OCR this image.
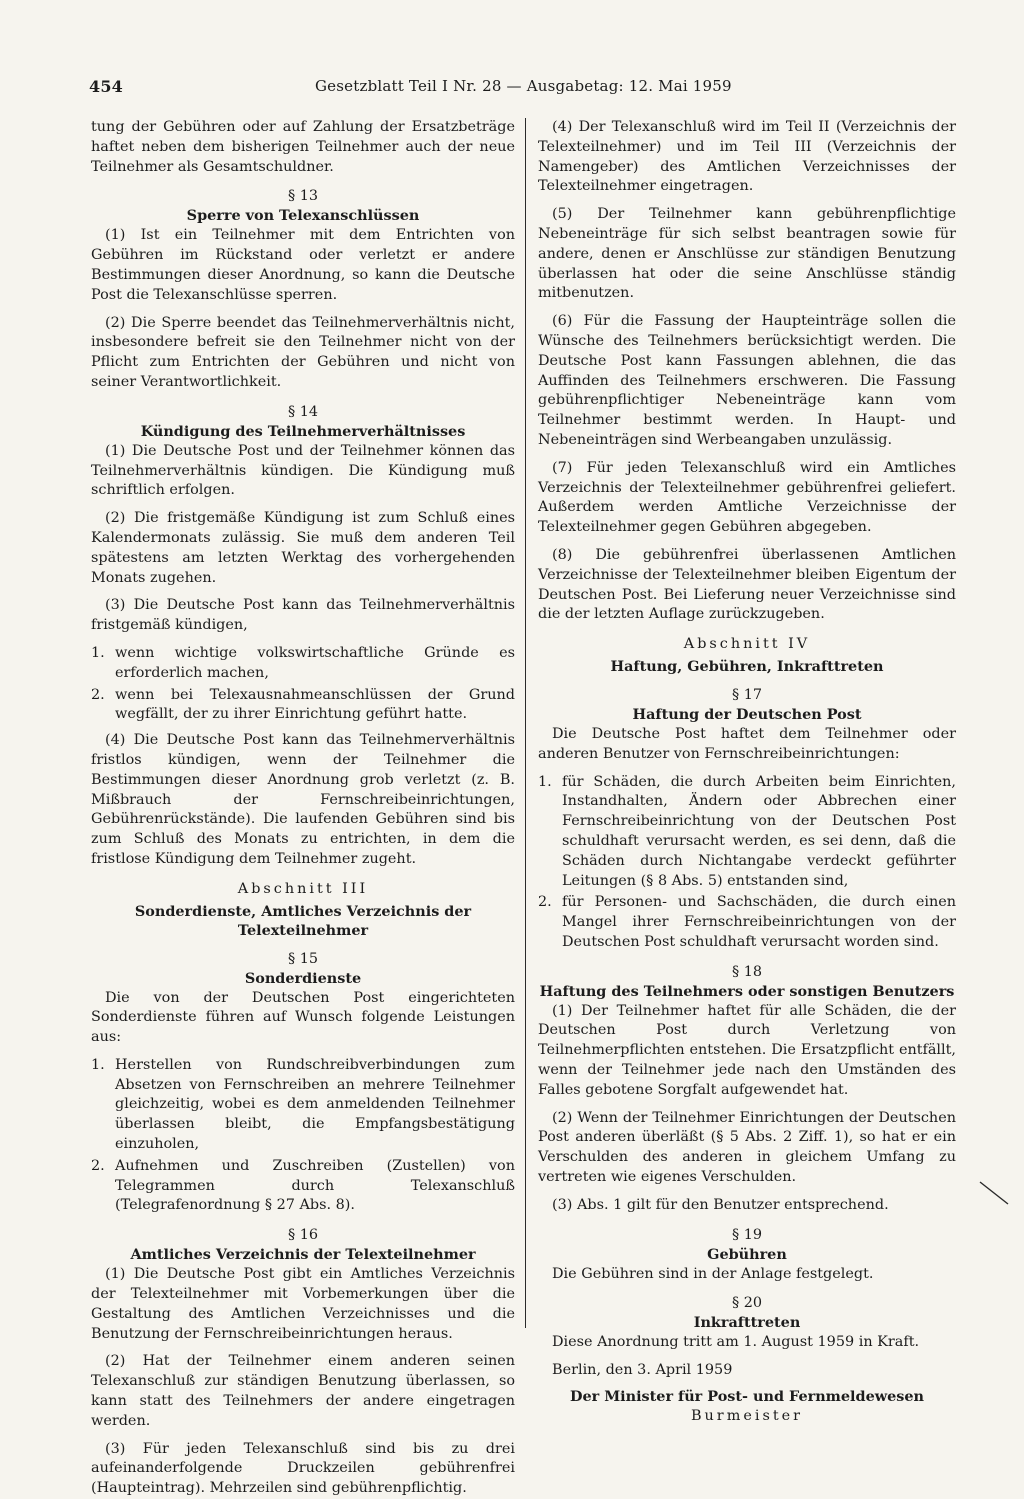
454	Gesetzblatt Teil I Nr. 28 — Ausgabetag: 12. Mai 1959

tung der Gebühren oder auf Zahlung der Ersatzbeträge haftet neben dem bisherigen Teilnehmer auch der neue Teilnehmer als Gesamtschuldner.

§ 13
Sperre von Telexanschlüssen

(1) Ist ein Teilnehmer mit dem Entrichten von Gebühren im Rückstand oder verletzt er andere Bestimmungen dieser Anordnung, so kann die Deutsche Post die Telexanschlüsse sperren.

(2) Die Sperre beendet das Teilnehmerverhältnis nicht, insbesondere befreit sie den Teilnehmer nicht von der Pflicht zum Entrichten der Gebühren und nicht von seiner Verantwortlichkeit.

§ 14
Kündigung des Teilnehmerverhältnisses

(1) Die Deutsche Post und der Teilnehmer können das Teilnehmerverhältnis kündigen. Die Kündigung muß schriftlich erfolgen.

(2) Die fristgemäße Kündigung ist zum Schluß eines Kalendermonats zulässig. Sie muß dem anderen Teil spätestens am letzten Werktag des vorhergehenden Monats zugehen.

(3) Die Deutsche Post kann das Teilnehmerverhältnis fristgemäß kündigen,

1. wenn wichtige volkswirtschaftliche Gründe es erforderlich machen,
2. wenn bei Telexausnahmeanschlüssen der Grund wegfällt, der zu ihrer Einrichtung geführt hatte.

(4) Die Deutsche Post kann das Teilnehmerverhältnis fristlos kündigen, wenn der Teilnehmer die Bestimmungen dieser Anordnung grob verletzt (z. B. Mißbrauch der Fernschreibeinrichtungen, Gebührenrückstände). Die laufenden Gebühren sind bis zum Schluß des Monats zu entrichten, in dem die fristlose Kündigung dem Teilnehmer zugeht.

Abschnitt III
Sonderdienste, Amtliches Verzeichnis der Telexteilnehmer
§ 15
Sonderdienste

Die von der Deutschen Post eingerichteten Sonderdienste führen auf Wunsch folgende Leistungen aus:

1. Herstellen von Rundschreibverbindungen zum Absetzen von Fernschreiben an mehrere Teilnehmer gleichzeitig, wobei es dem anmeldenden Teilnehmer überlassen bleibt, die Empfangsbestätigung einzuholen,
2. Aufnehmen und Zuschreiben (Zustellen) von Telegrammen durch Telexanschluß (Telegrafenordnung § 27 Abs. 8).
§ 16
Amtliches Verzeichnis der Telexteilnehmer

(1) Die Deutsche Post gibt ein Amtliches Verzeichnis der Telexteilnehmer mit Vorbemerkungen über die Gestaltung des Amtlichen Verzeichnisses und die Benutzung der Fernschreibeinrichtungen heraus.

(2) Hat der Teilnehmer einem anderen seinen Telexanschluß zur ständigen Benutzung überlassen, so kann statt des Teilnehmers der andere eingetragen werden.

(3) Für jeden Telexanschluß sind bis zu drei aufeinanderfolgende Druckzeilen gebührenfrei (Haupteintrag). Mehrzeilen sind gebührenpflichtig.

(4) Der Telexanschluß wird im Teil II (Verzeichnis der Telexteilnehmer) und im Teil III (Verzeichnis der Namengeber) des Amtlichen Verzeichnisses der Telexteilnehmer eingetragen.

(5) Der Teilnehmer kann gebührenpflichtige Nebeneinträge für sich selbst beantragen sowie für andere, denen er Anschlüsse zur ständigen Benutzung überlassen hat oder die seine Anschlüsse ständig mitbenutzen.

(6) Für die Fassung der Haupteinträge sollen die Wünsche des Teilnehmers berücksichtigt werden. Die Deutsche Post kann Fassungen ablehnen, die das Auffinden des Teilnehmers erschweren. Die Fassung gebührenpflichtiger Nebeneinträge kann vom Teilnehmer bestimmt werden. In Haupt- und Nebeneinträgen sind Werbeangaben unzulässig.

(7) Für jeden Telexanschluß wird ein Amtliches Verzeichnis der Telexteilnehmer gebührenfrei geliefert. Außerdem werden Amtliche Verzeichnisse der Telexteilnehmer gegen Gebühren abgegeben.

(8) Die gebührenfrei überlassenen Amtlichen Verzeichnisse der Telexteilnehmer bleiben Eigentum der Deutschen Post. Bei Lieferung neuer Verzeichnisse sind die der letzten Auflage zurückzugeben.

Abschnitt IV
Haftung, Gebühren, Inkrafttreten
§ 17
Haftung der Deutschen Post

Die Deutsche Post haftet dem Teilnehmer oder anderen Benutzer von Fernschreibeinrichtungen:

1. für Schäden, die durch Arbeiten beim Einrichten, Instandhalten, Ändern oder Abbrechen einer Fernschreibeinrichtung von der Deutschen Post schuldhaft verursacht werden, es sei denn, daß die Schäden durch Nichtangabe verdeckt geführter Leitungen (§ 8 Abs. 5) entstanden sind,
2. für Personen- und Sachschäden, die durch einen Mangel ihrer Fernschreibeinrichtungen von der Deutschen Post schuldhaft verursacht worden sind.
§ 18
Haftung des Teilnehmers oder sonstigen Benutzers

(1) Der Teilnehmer haftet für alle Schäden, die der Deutschen Post durch Verletzung von Teilnehmerpflichten entstehen. Die Ersatzpflicht entfällt, wenn der Teilnehmer jede nach den Umständen des Falles gebotene Sorgfalt aufgewendet hat.

(2) Wenn der Teilnehmer Einrichtungen der Deutschen Post anderen überläßt (§ 5 Abs. 2 Ziff. 1), so hat er ein Verschulden des anderen in gleichem Umfang zu vertreten wie eigenes Verschulden.

(3) Abs. 1 gilt für den Benutzer entsprechend.

§ 19
Gebühren

Die Gebühren sind in der Anlage festgelegt.

§ 20
Inkrafttreten

Diese Anordnung tritt am 1. August 1959 in Kraft.

Berlin, den 3. April 1959

Der Minister für Post- und Fernmeldewesen
Burmeister
